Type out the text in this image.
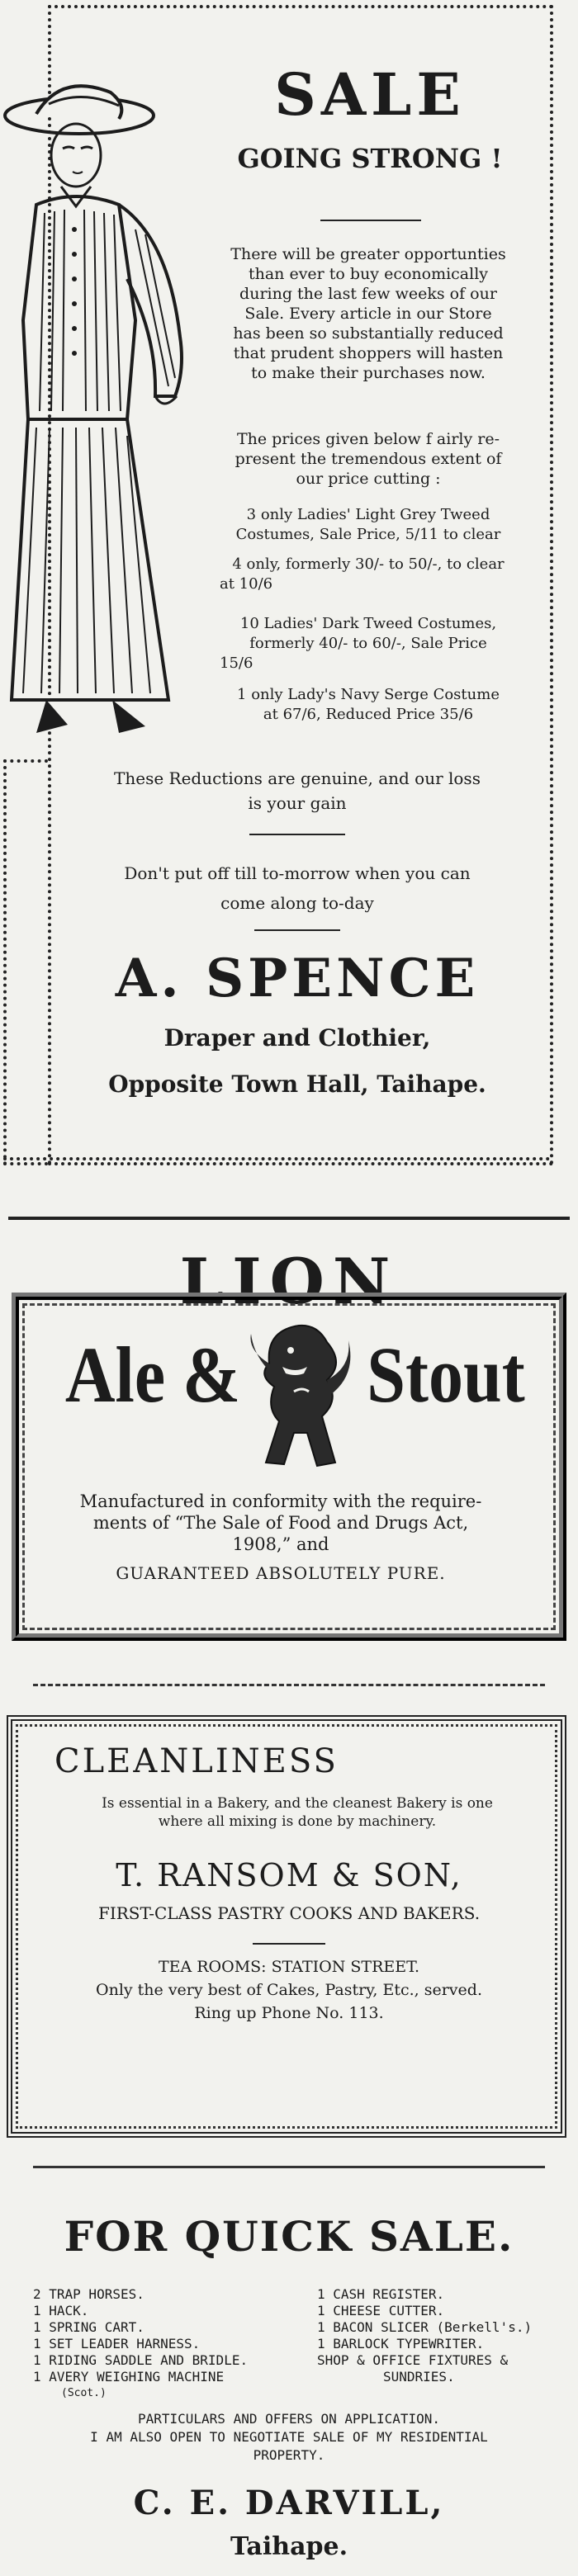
SALE
GOING STRONG !
There will be greater opportunties
than ever to buy economically
during the last few weeks of our
Sale. Every article in our Store
has been so substantially reduced
that prudent shoppers will hasten
to make their purchases now.
The prices given below f airly re-
present the tremendous extent of
our price cutting :
3 only Ladies' Light Grey Tweed
Costumes, Sale Price, 5/11 to clear
4 only, formerly 30/- to 50/-, to clear
at 10/6
10 Ladies' Dark Tweed Costumes,
formerly 40/- to 60/-, Sale Price
15/6
1 only Lady's Navy Serge Costume
at 67/6, Reduced Price 35/6
These Reductions are genuine, and our loss
is your gain
Don't put off till to-morrow when you can
come along to-day
A. SPENCE
Draper and Clothier,
Opposite Town Hall, Taihape.
LION
Ale & Stout
Manufactured in conformity with the require-
ments of “The Sale of Food and Drugs Act,
1908,” and
GUARANTEED ABSOLUTELY PURE.
CLEANLINESS
Is essential in a Bakery, and the cleanest Bakery is one
where all mixing is done by machinery.
T. RANSOM & SON,
FIRST-CLASS PASTRY COOKS AND BAKERS.
TEA ROOMS: STATION STREET.
Only the very best of Cakes, Pastry, Etc., served.
Ring up Phone No. 113.
FOR QUICK SALE.
2 TRAP HORSES.
1 HACK.
1 SPRING CART.
1 SET LEADER HARNESS.
1 RIDING SADDLE AND BRIDLE.
1 AVERY WEIGHING MACHINE
(Scot.)
1 CASH REGISTER.
1 CHEESE CUTTER.
1 BACON SLICER (Berkell's.)
1 BARLOCK TYPEWRITER.
SHOP & OFFICE FIXTURES &
SUNDRIES.
PARTICULARS AND OFFERS ON APPLICATION.
I AM ALSO OPEN TO NEGOTIATE SALE OF MY RESIDENTIAL
PROPERTY.
C. E. DARVILL,
Taihape.
